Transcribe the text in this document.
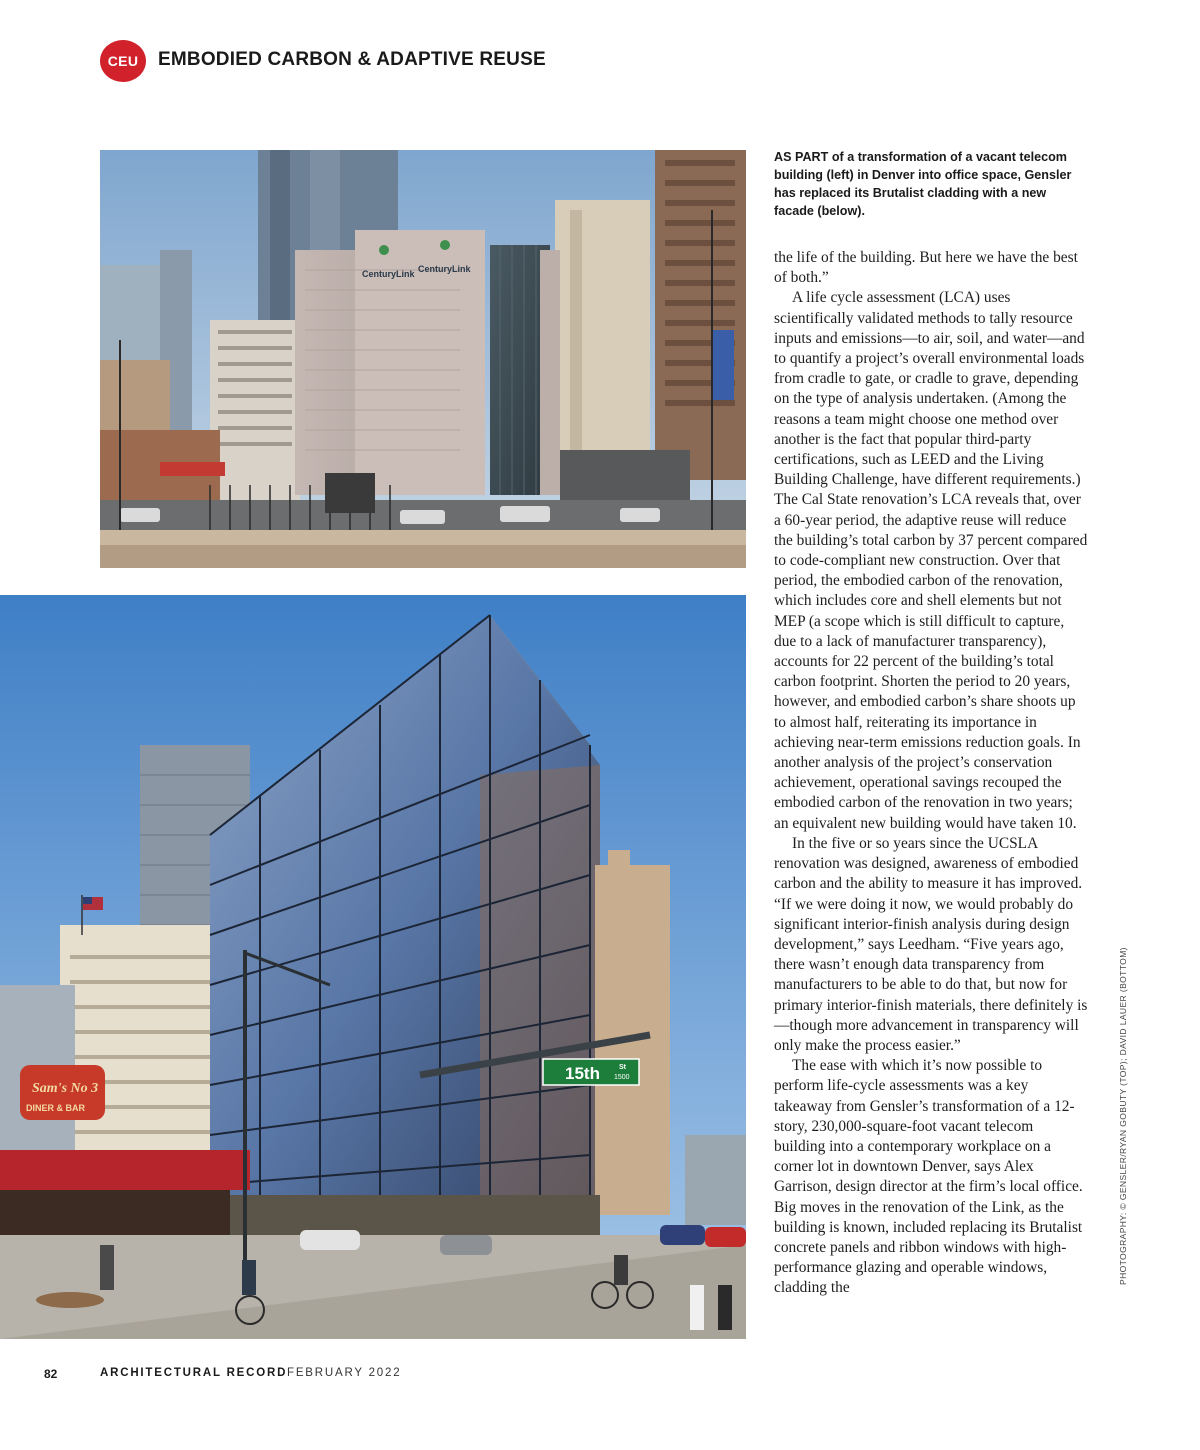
CEU	EMBODIED CARBON & ADAPTIVE REUSE
CenturyLink CenturyLink
Sam's No 3
DINER & BAR
15th	St
1500
AS PART of a transformation of a vacant telecom building (left) in Denver into office space, Gensler has replaced its Brutalist cladding with a new facade (below).

the life of the building. But here we have the best of both.”

A life cycle assessment (LCA) uses scientifically validated methods to tally resource inputs and emissions—to air, soil, and water—and to quantify a project’s overall environmental loads from cradle to gate, or cradle to grave, depending on the type of analysis undertaken. (Among the reasons a team might choose one method over another is the fact that popular third-party certifications, such as LEED and the Living Building Challenge, have different requirements.) The Cal State renovation’s LCA reveals that, over a 60-year period, the adaptive reuse will reduce the building’s total carbon by 37 percent compared to code-compliant new construction. Over that period, the embodied carbon of the renovation, which includes core and shell elements but not MEP (a scope which is still difficult to capture, due to a lack of manufacturer transparency), accounts for 22 percent of the building’s total carbon footprint. Shorten the period to 20 years, however, and embodied carbon’s share shoots up to almost half, reiterating its importance in achieving near-term emissions reduction goals. In another analysis of the project’s conservation achievement, operational savings recouped the embodied carbon of the renovation in two years; an equivalent new building would have taken 10.

In the five or so years since the UCSLA renovation was designed, awareness of embodied carbon and the ability to measure it has improved. “If we were doing it now, we would probably do significant interior-finish analysis during design development,” says Leedham. “Five years ago, there wasn’t enough data transparency from manufacturers to be able to do that, but now for primary interior-finish materials, there definitely is—though more advancement in transparency will only make the process easier.”

The ease with which it’s now possible to perform life-cycle assessments was a key takeaway from Gensler’s transformation of a 12-story, 230,000-square-foot vacant telecom building into a contemporary workplace on a corner lot in downtown Denver, says Alex Garrison, design director at the firm’s local office. Big moves in the renovation of the Link, as the building is known, included replacing its Brutalist concrete panels and ribbon windows with high-performance glazing and operable windows, cladding the

PHOTOGRAPHY: © GENSLER/RYAN GOBUTY (TOP); DAVID LAUER (BOTTOM)
82	ARCHITECTURAL RECORD FEBRUARY 2022
